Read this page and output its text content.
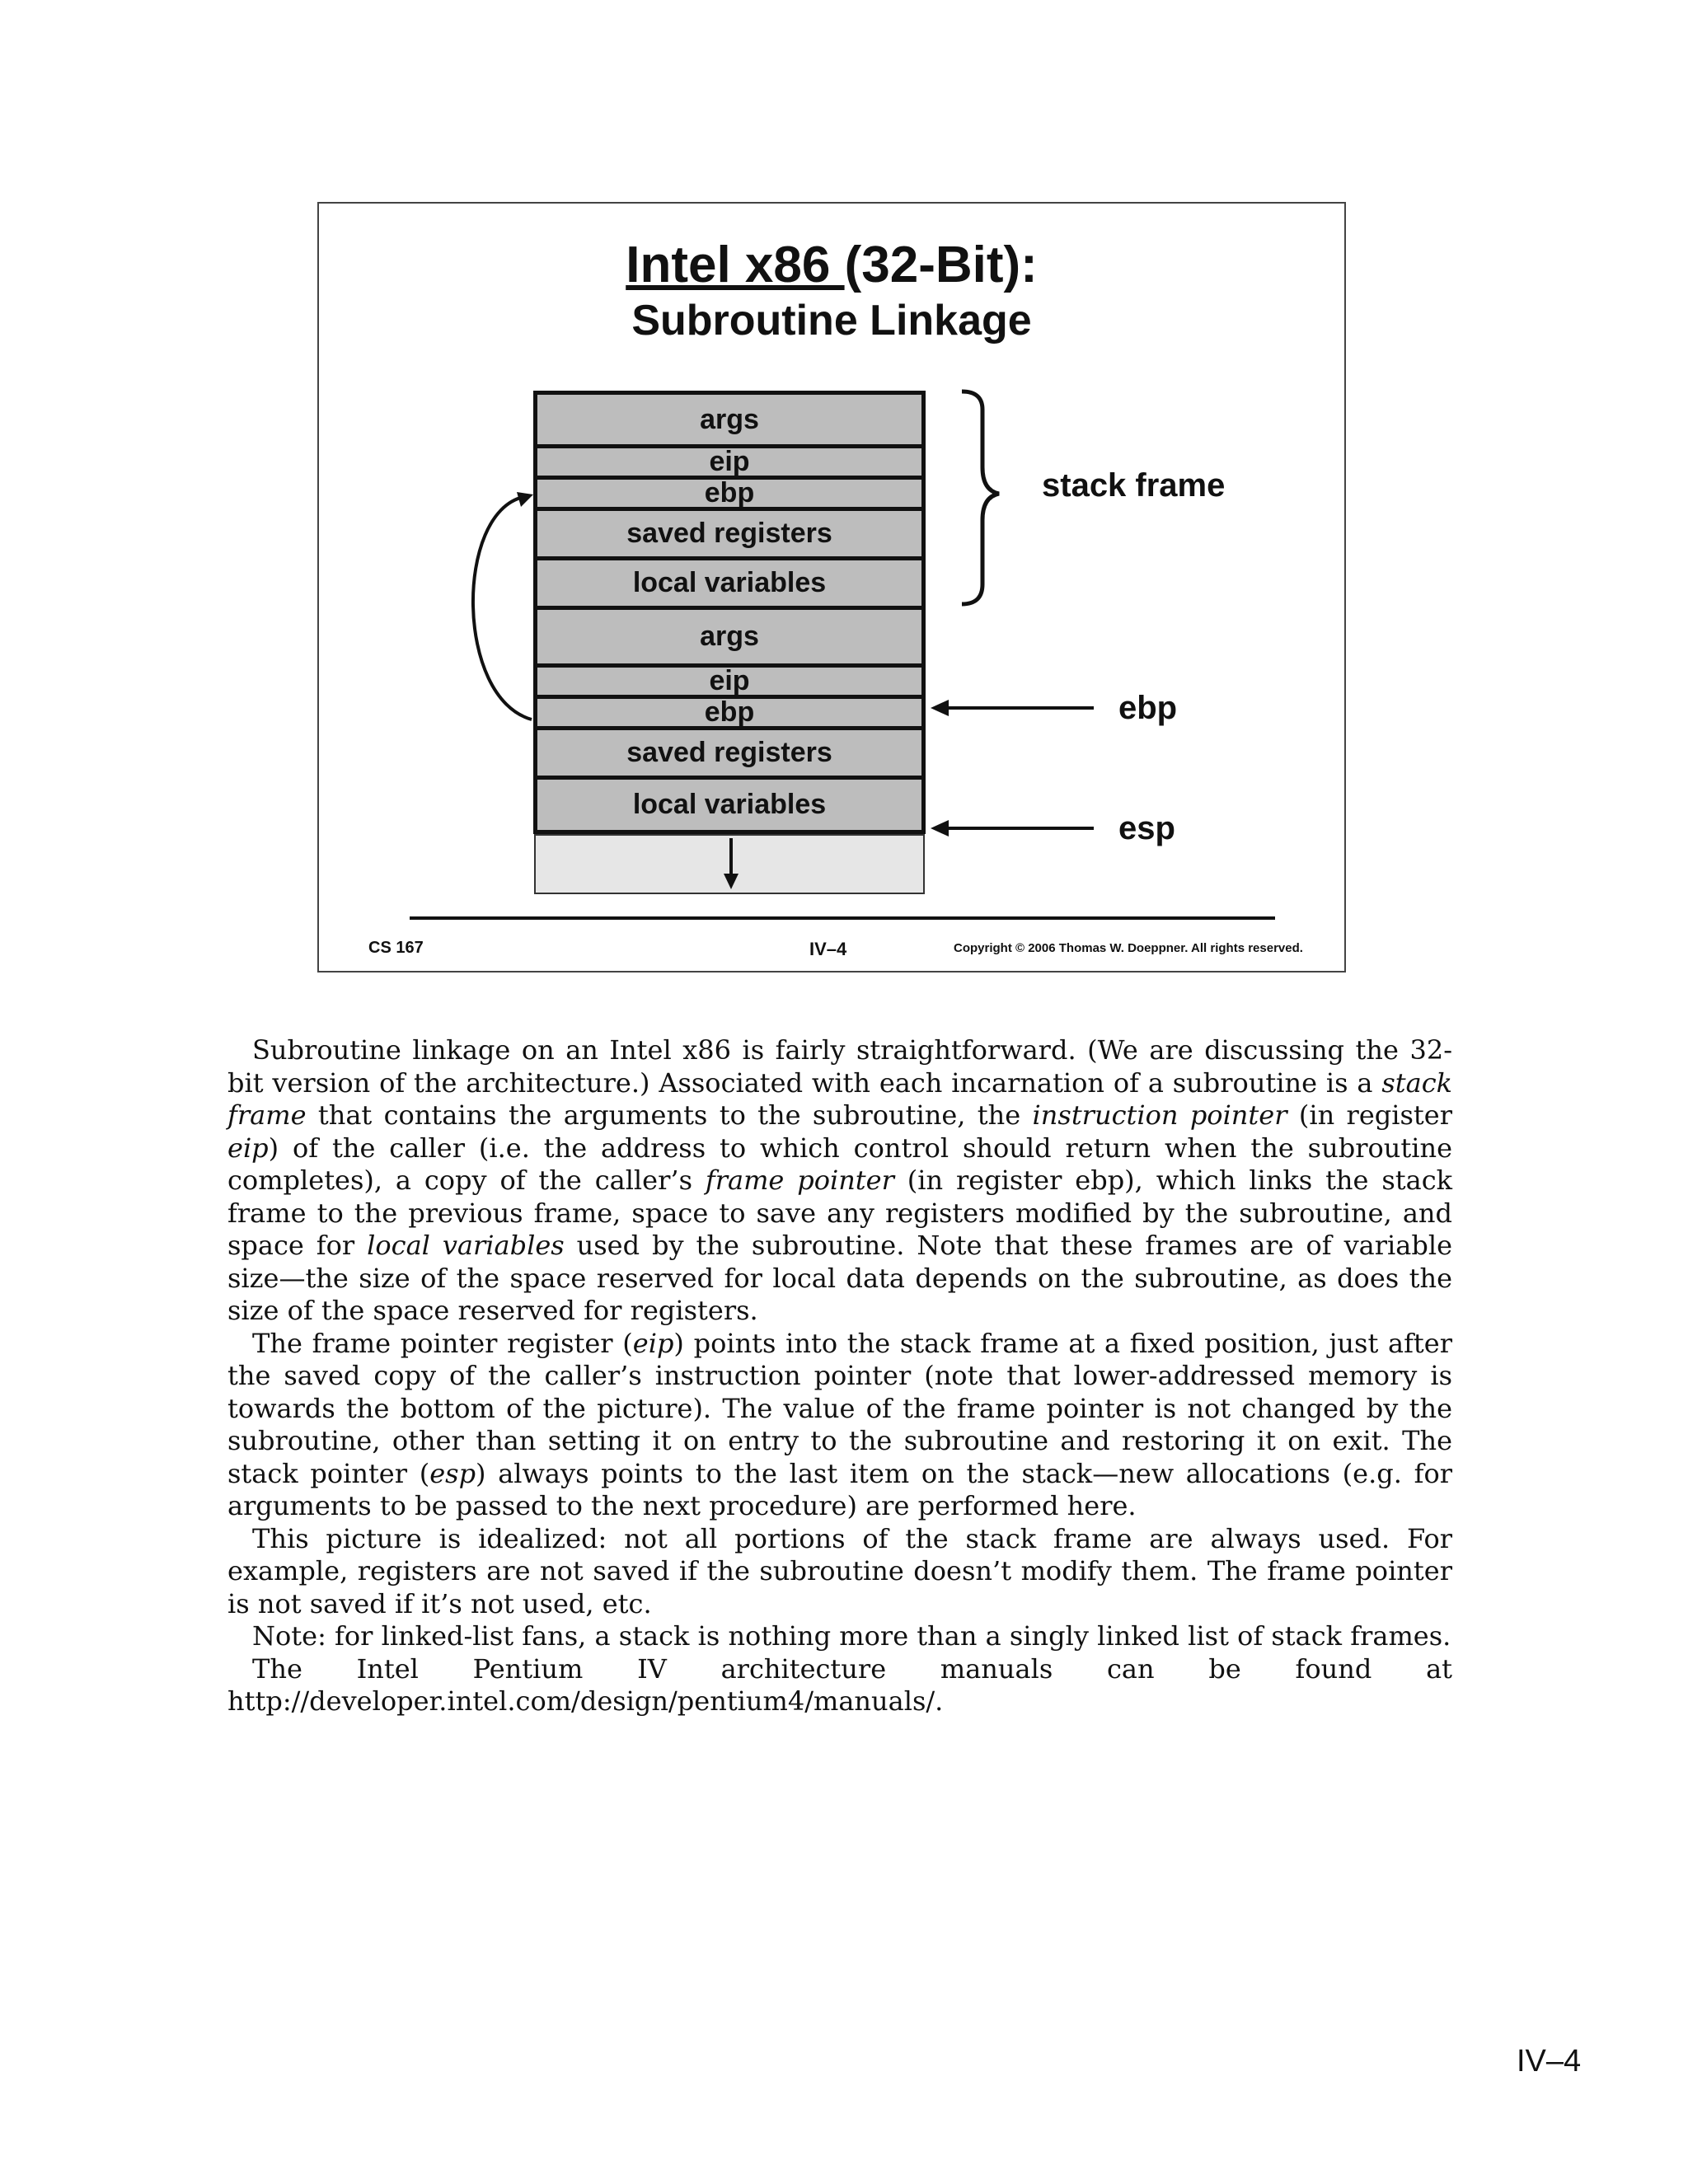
Intel x86 (32-Bit):
Subroutine Linkage
args
eip
ebp
saved registers
local variables
args
eip
ebp
saved registers
local variables
stack frame
ebp
esp
CS 167	IV–4	Copyright © 2006 Thomas W. Doeppner. All rights reserved.

Subroutine linkage on an Intel x86 is fairly straightforward. (We are discussing the 32-bit version of the architecture.) Associated with each incarnation of a subroutine is a stack frame that contains the arguments to the subroutine, the instruction pointer (in register eip) of the caller (i.e. the address to which control should return when the subroutine completes), a copy of the caller’s frame pointer (in register ebp), which links the stack frame to the previous frame, space to save any registers modified by the subroutine, and space for local variables used by the subroutine. Note that these frames are of variable size—the size of the space reserved for local data depends on the subroutine, as does the size of the space reserved for registers.

The frame pointer register (eip) points into the stack frame at a fixed position, just after the saved copy of the caller’s instruction pointer (note that lower-addressed memory is towards the bottom of the picture). The value of the frame pointer is not changed by the subroutine, other than setting it on entry to the subroutine and restoring it on exit. The stack pointer (esp) always points to the last item on the stack—new allocations (e.g. for arguments to be passed to the next procedure) are performed here.

This picture is idealized: not all portions of the stack frame are always used. For example, registers are not saved if the subroutine doesn’t modify them. The frame pointer is not saved if it’s not used, etc.

Note: for linked-list fans, a stack is nothing more than a singly linked list of stack frames.

The Intel Pentium IV architecture manuals can be found at

http://developer.intel.com/design/pentium4/manuals/.

IV–4
